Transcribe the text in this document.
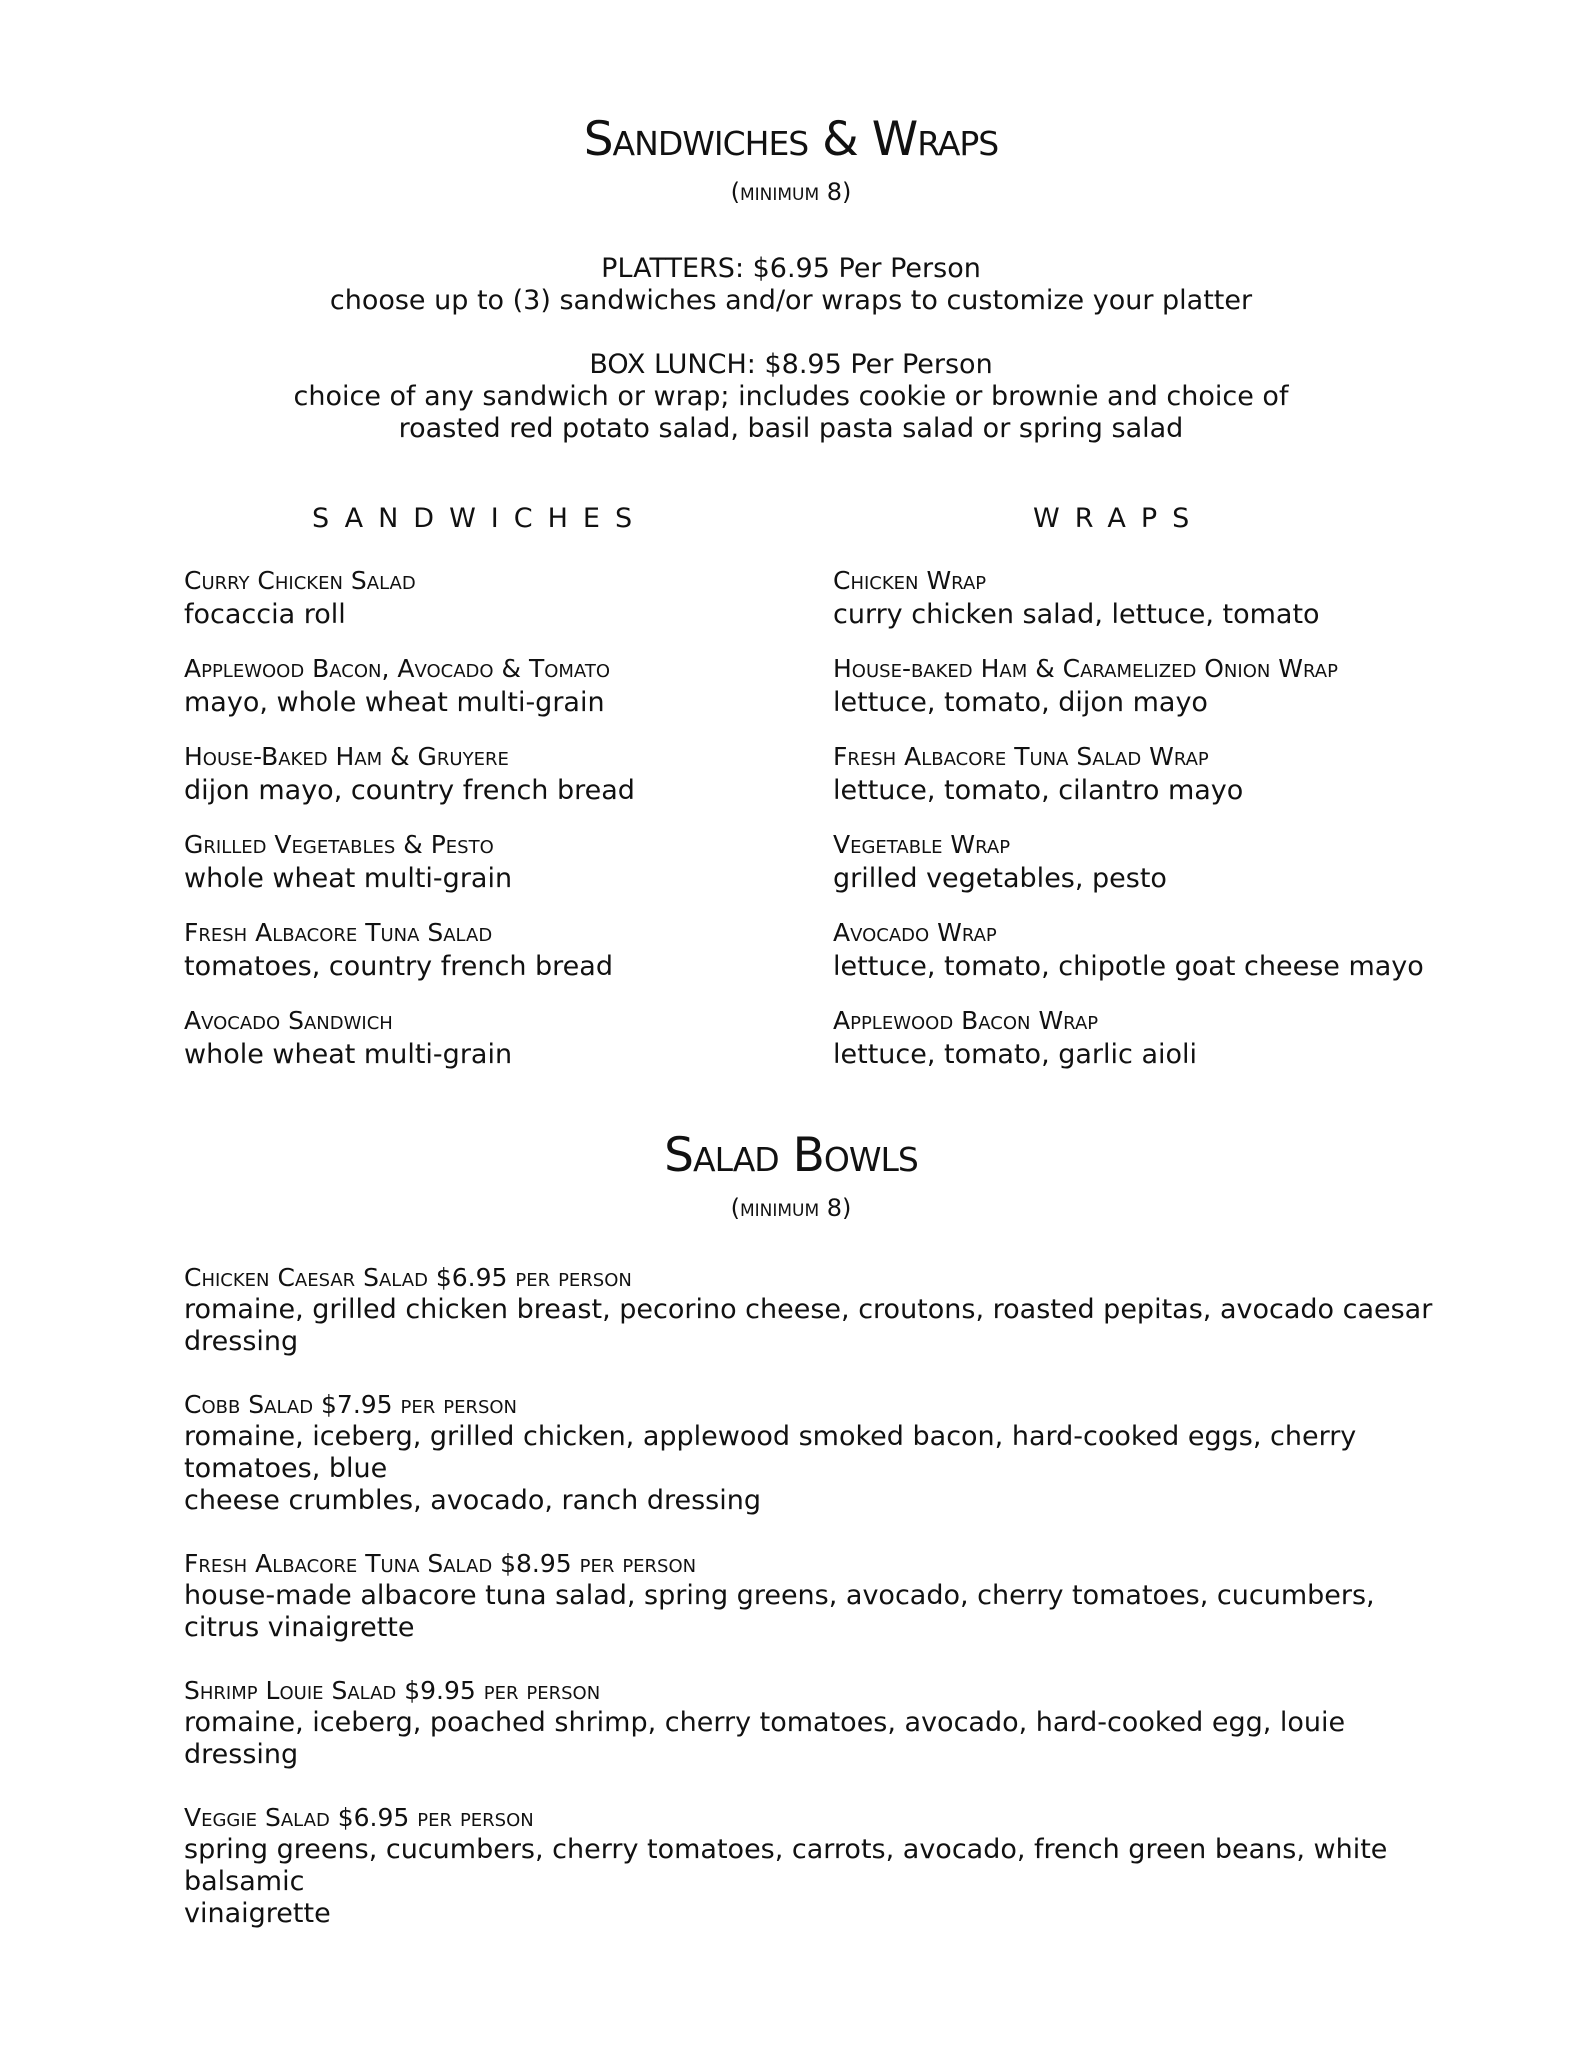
Sandwiches & Wraps
(minimum 8)
PLATTERS: $6.95 Per Person
choose up to (3) sandwiches and/or wraps to customize your platter
BOX LUNCH: $8.95 Per Person
choice of any sandwich or wrap; includes cookie or brownie and choice of
roasted red potato salad, basil pasta salad or spring salad
SANDWICHES	WRAPS
Curry Chicken Salad
focaccia roll
Applewood Bacon, Avocado & Tomato
mayo, whole wheat multi-grain
House-Baked Ham & Gruyere
dijon mayo, country french bread
Grilled Vegetables & Pesto
whole wheat multi-grain
Fresh Albacore Tuna Salad
tomatoes, country french bread
Avocado Sandwich
whole wheat multi-grain
Chicken Wrap
curry chicken salad, lettuce, tomato
House-baked Ham & Caramelized Onion Wrap
lettuce, tomato, dijon mayo
Fresh Albacore Tuna Salad Wrap
lettuce, tomato, cilantro mayo
Vegetable Wrap
grilled vegetables, pesto
Avocado Wrap
lettuce, tomato, chipotle goat cheese mayo
Applewood Bacon Wrap
lettuce, tomato, garlic aioli
Salad Bowls
(minimum 8)
Chicken Caesar Salad $6.95 per person
romaine, grilled chicken breast, pecorino cheese, croutons, roasted pepitas, avocado caesar dressing
Cobb Salad $7.95 per person
romaine, iceberg, grilled chicken, applewood smoked bacon, hard-cooked eggs, cherry tomatoes, blue
cheese crumbles, avocado, ranch dressing
Fresh Albacore Tuna Salad $8.95 per person
house-made albacore tuna salad, spring greens, avocado, cherry tomatoes, cucumbers,
citrus vinaigrette
Shrimp Louie Salad $9.95 per person
romaine, iceberg, poached shrimp, cherry tomatoes, avocado, hard-cooked egg, louie dressing
Veggie Salad $6.95 per person
spring greens, cucumbers, cherry tomatoes, carrots, avocado, french green beans, white balsamic
vinaigrette
